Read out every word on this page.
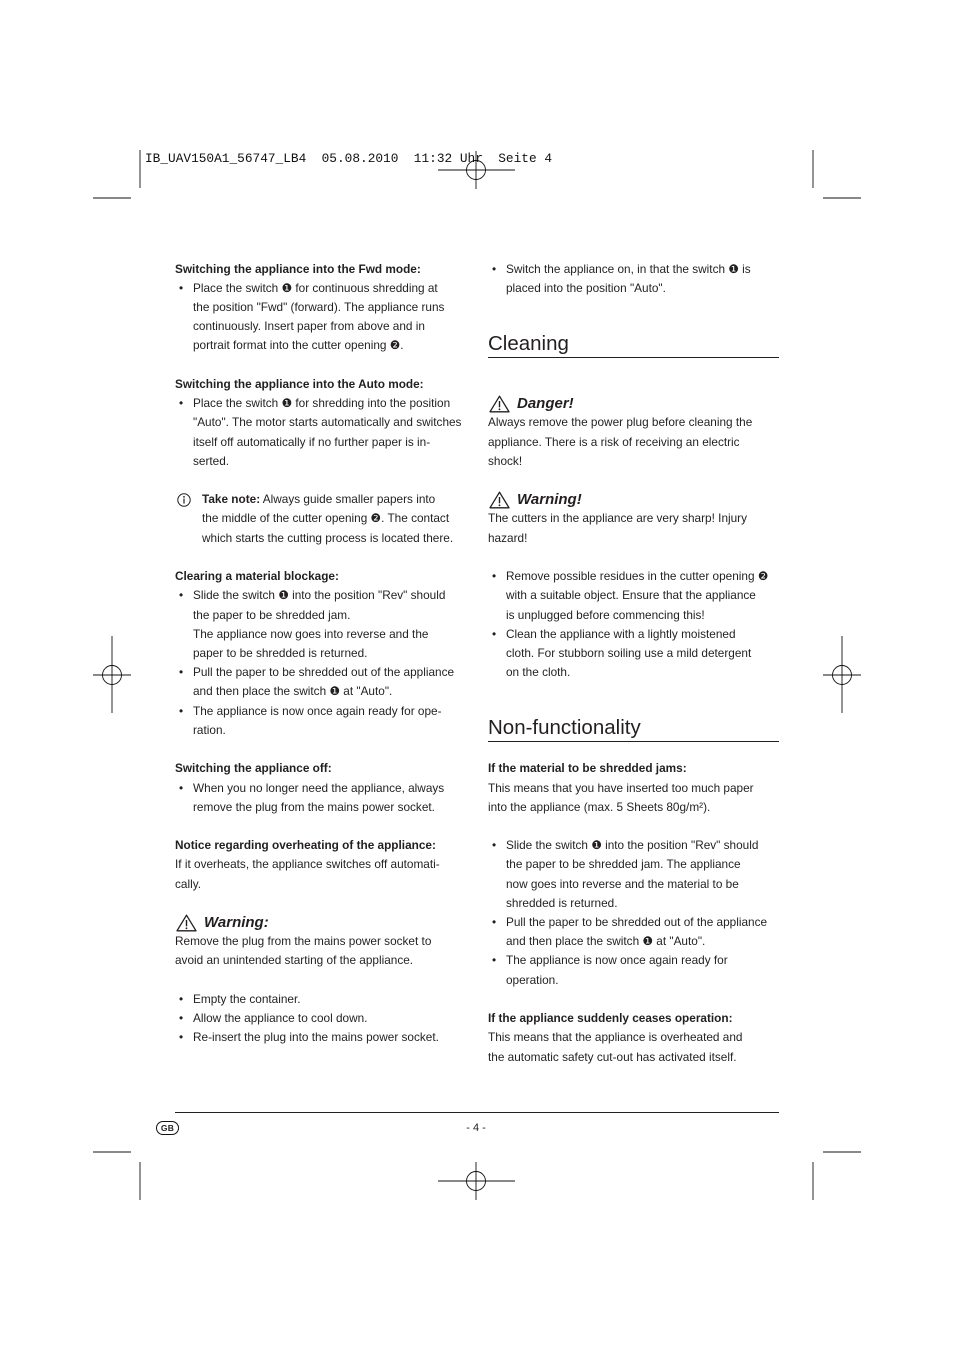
IB_UAV150A1_56747_LB4  05.08.2010  11:32 Uhr  Seite 4
Switching the appliance into the Fwd mode:
• Place the switch ❶ for continuous shredding at
the position "Fwd" (forward). The appliance runs
continuously. Insert paper from above and in
portrait format into the cutter opening ❷.
Switching the appliance into the Auto mode:
• Place the switch ❶ for shredding into the position
"Auto". The motor starts automatically and switches
itself off automatically if no further paper is in-
serted.
Take note: Always guide smaller papers into
the middle of the cutter opening ❷. The contact
which starts the cutting process is located there.
Clearing a material blockage:
• Slide the switch ❶ into the position "Rev" should
the paper to be shredded jam.
The appliance now goes into reverse and the
paper to be shredded is returned.
• Pull the paper to be shredded out of the appliance
and then place the switch ❶ at "Auto".
• The appliance is now once again ready for ope-
ration.
Switching the appliance off:
• When you no longer need the appliance, always
remove the plug from the mains power socket.
Notice regarding overheating of the appliance:
If it overheats, the appliance switches off automati-
cally.
Warning:
Remove the plug from the mains power socket to
avoid an unintended starting of the appliance.
• Empty the container.
• Allow the appliance to cool down.
• Re-insert the plug into the mains power socket.
• Switch the appliance on, in that the switch ❶ is
placed into the position "Auto".
Cleaning
Danger!
Always remove the power plug before cleaning the
appliance. There is a risk of receiving an electric
shock!
Warning!
The cutters in the appliance are very sharp! Injury
hazard!
• Remove possible residues in the cutter opening ❷
with a suitable object. Ensure that the appliance
is unplugged before commencing this!
• Clean the appliance with a lightly moistened
cloth. For stubborn soiling use a mild detergent
on the cloth.
Non-functionality
If the material to be shredded jams:
This means that you have inserted too much paper
into the appliance (max. 5 Sheets 80g/m²).
• Slide the switch ❶ into the position "Rev" should
the paper to be shredded jam. The appliance
now goes into reverse and the material to be
shredded is returned.
• Pull the paper to be shredded out of the appliance
and then place the switch ❶ at "Auto".
• The appliance is now once again ready for
operation.
If the appliance suddenly ceases operation:
This means that the appliance is overheated and
the automatic safety cut-out has activated itself.
GB	- 4 -
